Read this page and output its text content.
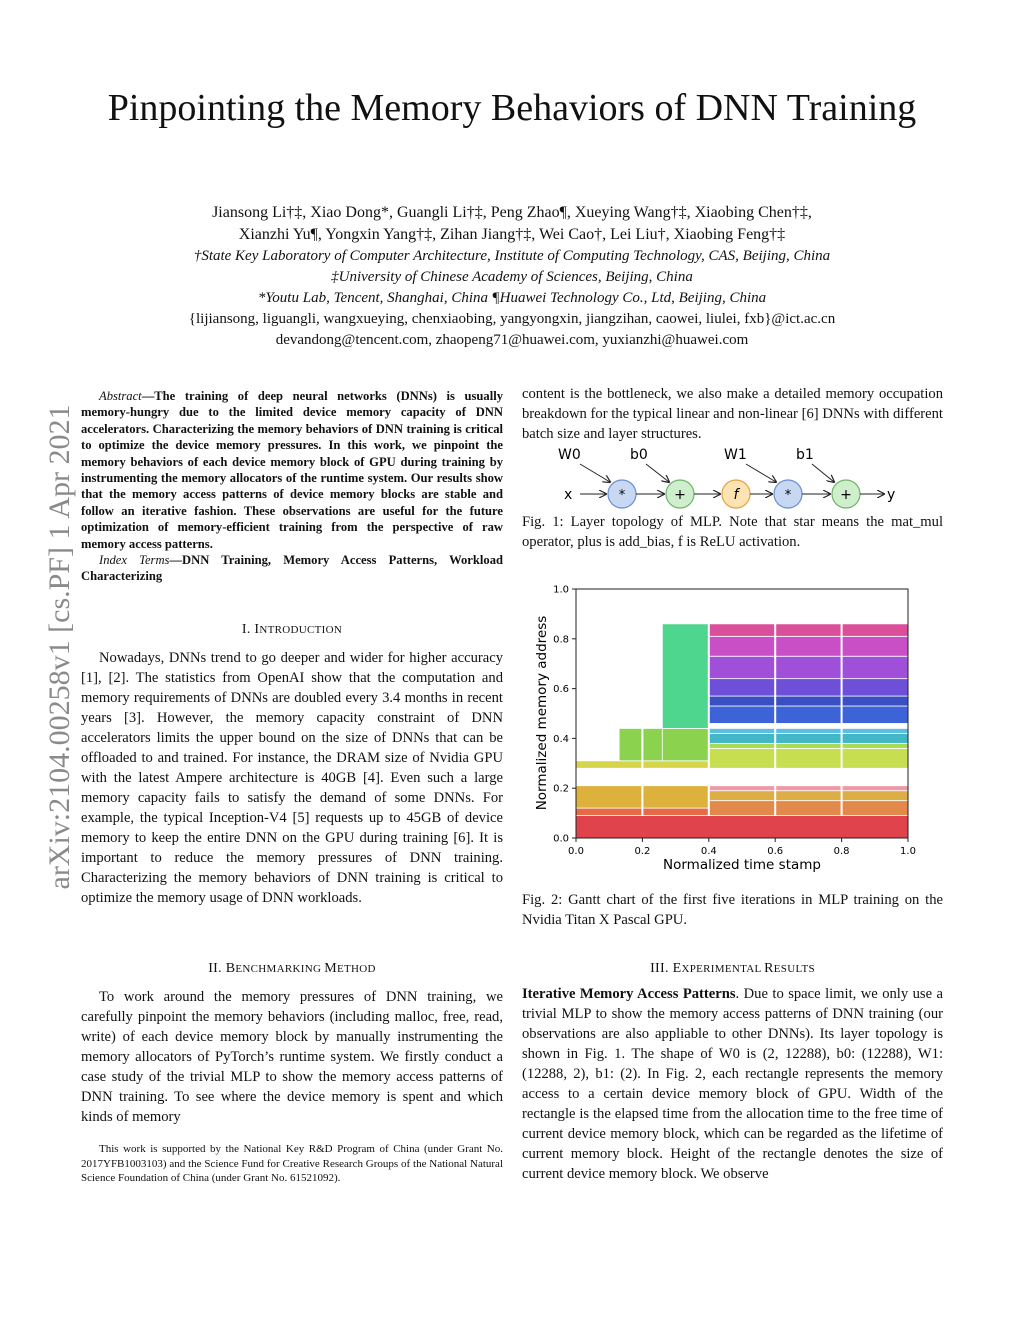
Pinpointing the Memory Behaviors of DNN Training
Jiansong Li†‡, Xiao Dong*, Guangli Li†‡, Peng Zhao¶, Xueying Wang†‡, Xiaobing Chen†‡,
Xianzhi Yu¶, Yongxin Yang†‡, Zihan Jiang†‡, Wei Cao†, Lei Liu†, Xiaobing Feng†‡
†State Key Laboratory of Computer Architecture, Institute of Computing Technology, CAS, Beijing, China
‡University of Chinese Academy of Sciences, Beijing, China
*Youtu Lab, Tencent, Shanghai, China ¶Huawei Technology Co., Ltd, Beijing, China
{lijiansong, liguangli, wangxueying, chenxiaobing, yangyongxin, jiangzihan, caowei, liulei, fxb}@ict.ac.cn
devandong@tencent.com, zhaopeng71@huawei.com, yuxianzhi@huawei.com
arXiv:2104.00258v1 [cs.PF] 1 Apr 2021
Abstract—The training of deep neural networks (DNNs) is usually memory-hungry due to the limited device memory capacity of DNN accelerators. Characterizing the memory behaviors of DNN training is critical to optimize the device memory pressures. In this work, we pinpoint the memory behaviors of each device memory block of GPU during training by instrumenting the memory allocators of the runtime system. Our results show that the memory access patterns of device memory blocks are stable and follow an iterative fashion. These observations are useful for the future optimization of memory-efficient training from the perspective of raw memory access patterns.
Index Terms—DNN Training, Memory Access Patterns, Workload Characterizing
I. INTRODUCTION

Nowadays, DNNs trend to go deeper and wider for higher accuracy [1], [2]. The statistics from OpenAI show that the computation and memory requirements of DNNs are doubled every 3.4 months in recent years [3]. However, the memory capacity constraint of DNN accelerators limits the upper bound on the size of DNNs that can be offloaded to and trained. For instance, the DRAM size of Nvidia GPU with the latest Ampere architecture is 40GB [4]. Even such a large memory capacity fails to satisfy the demand of some DNNs. For example, the typical Inception-V4 [5] requests up to 45GB of device memory to keep the entire DNN on the GPU during training [6]. It is important to reduce the memory pressures of DNN training. Characterizing the memory behaviors of DNN training is critical to optimize the memory usage of DNN workloads.

II. BENCHMARKING METHOD

To work around the memory pressures of DNN training, we carefully pinpoint the memory behaviors (including malloc, free, read, write) of each device memory block by manually instrumenting the memory allocators of PyTorch’s runtime system. We firstly conduct a case study of the trivial MLP to show the memory access patterns of DNN training. To see where the device memory is spent and which kinds of memory

This work is supported by the National Key R&D Program of China (under Grant No. 2017YFB1003103) and the Science Fund for Creative Research Groups of the National Natural Science Foundation of China (under Grant No. 61521092).

content is the bottleneck, we also make a detailed memory occupation breakdown for the typical linear and non-linear [6] DNNs with different batch size and layer structures.

W0	b0	W1	b1
x	*	+	f	*	+	y
Fig. 1: Layer topology of MLP. Note that star means the mat_mul operator, plus is add_bias, f is ReLU activation.
0.0	0.2	0.4	0.6	0.8	1.0
0.0
0.2
0.4
0.6
0.8
1.0
Normalized time stamp
Normalized memory address
Fig. 2: Gantt chart of the first five iterations in MLP training on the Nvidia Titan X Pascal GPU.
III. EXPERIMENTAL RESULTS

Iterative Memory Access Patterns. Due to space limit, we only use a trivial MLP to show the memory access patterns of DNN training (our observations are also appliable to other DNNs). Its layer topology is shown in Fig. 1. The shape of W0 is (2, 12288), b0: (12288), W1: (12288, 2), b1: (2). In Fig. 2, each rectangle represents the memory access to a certain device memory block of GPU. Width of the rectangle is the elapsed time from the allocation time to the free time of current device memory block, which can be regarded as the lifetime of current memory block. Height of the rectangle denotes the size of current device memory block. We observe
